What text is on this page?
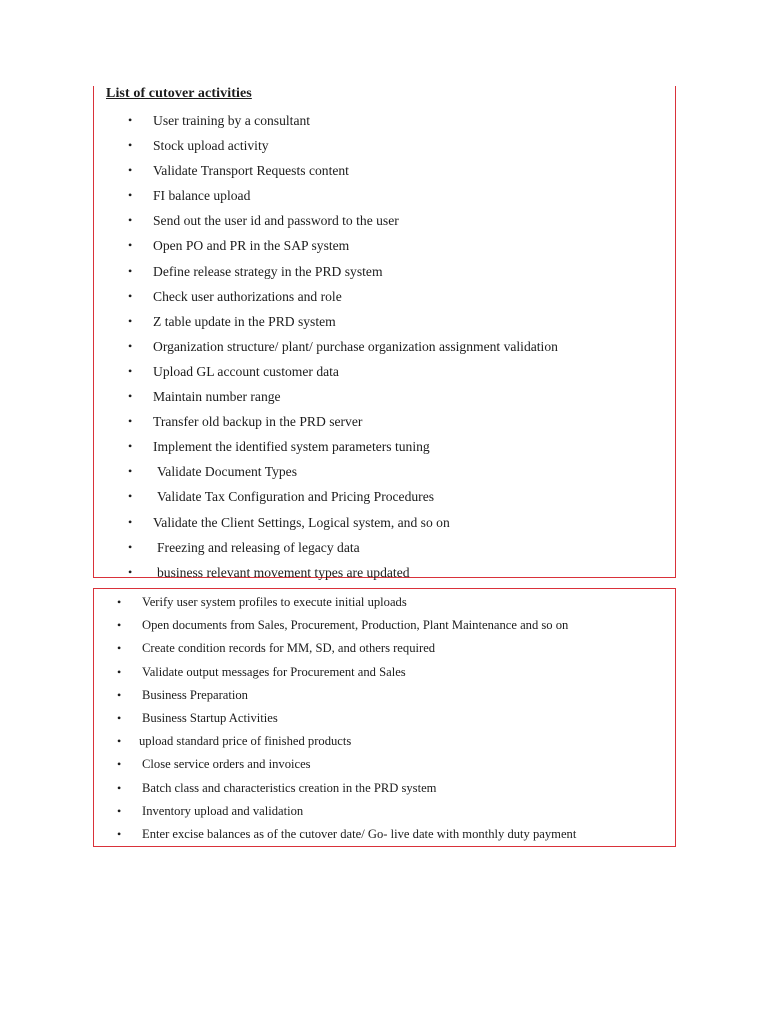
List of cutover activities
• User training by a consultant
• Stock upload activity
• Validate Transport Requests content
• FI balance upload
• Send out the user id and password to the user
• Open PO and PR in the SAP system
• Define release strategy in the PRD system
• Check user authorizations and role
• Z table update in the PRD system
• Organization structure/ plant/ purchase organization assignment validation
• Upload GL account customer data
• Maintain number range
• Transfer old backup in the PRD server
• Implement the identified system parameters tuning
• Validate Document Types
• Validate Tax Configuration and Pricing Procedures
• Validate the Client Settings, Logical system, and so on
• Freezing and releasing of legacy data
• business relevant movement types are updated
• Verify user system profiles to execute initial uploads
• Open documents from Sales, Procurement, Production, Plant Maintenance and so on
• Create condition records for MM, SD, and others required
• Validate output messages for Procurement and Sales
• Business Preparation
• Business Startup Activities
• upload standard price of finished products
• Close service orders and invoices
• Batch class and characteristics creation in the PRD system
• Inventory upload and validation
• Enter excise balances as of the cutover date/ Go- live date with monthly duty payment
